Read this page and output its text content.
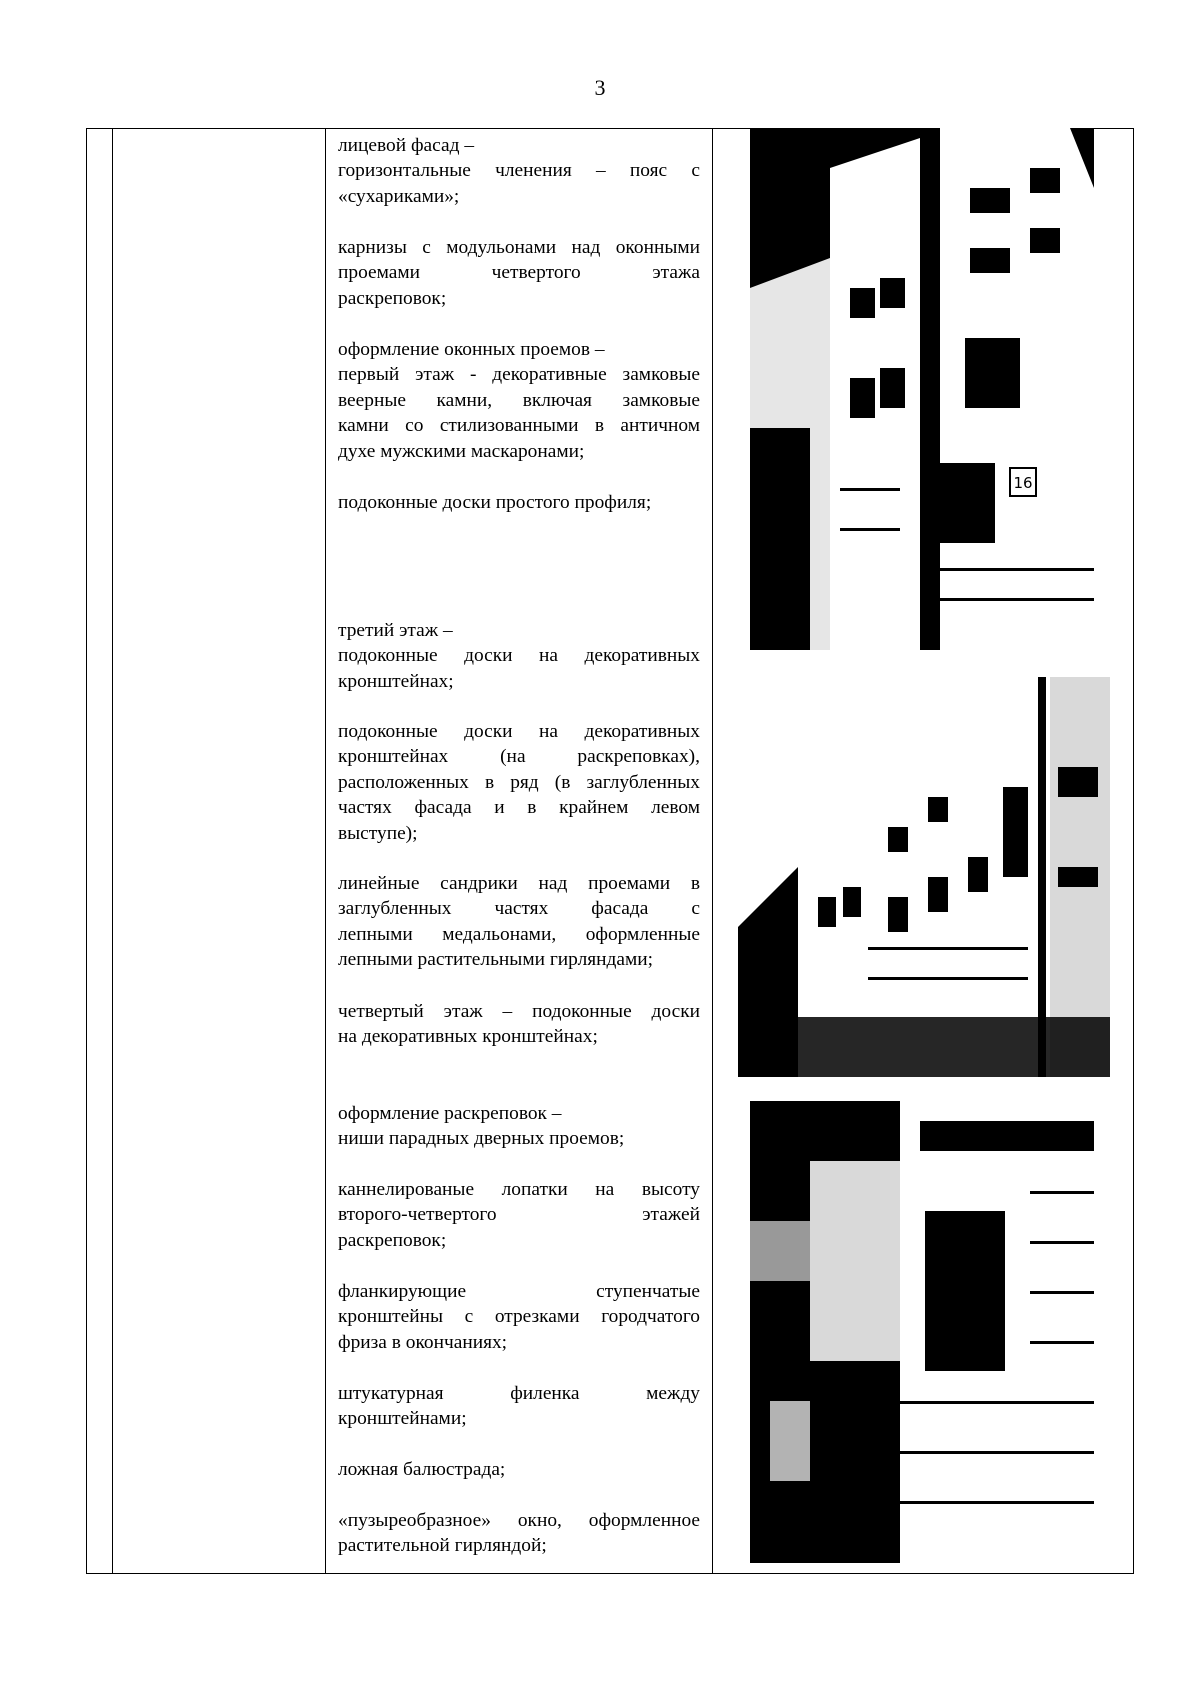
3

лицевой фасад –

горизонтальные членения – пояс с

«сухариками»;

карнизы с модульонами над оконными

проемами четвертого этажа

раскреповок;

оформление оконных проемов –

первый этаж - декоративные замковые

веерные камни, включая замковые

камни со стилизованными в античном

духе мужскими маскаронами;

подоконные доски простого профиля;

третий этаж –

подоконные доски на декоративных

кронштейнах;

подоконные доски на декоративных

кронштейнах (на раскреповках),

расположенных в ряд (в заглубленных

частях фасада и в крайнем левом

выступе);

линейные сандрики над проемами в

заглубленных частях фасада с

лепными медальонами, оформленные

лепными растительными гирляндами;

четвертый этаж – подоконные доски

на декоративных кронштейнах;

оформление раскреповок –

ниши парадных дверных проемов;

каннелированые лопатки на высоту

второго-четвертого этажей

раскреповок;

фланкирующие ступенчатые

кронштейны с отрезками городчатого

фриза в окончаниях;

штукатурная филенка между

кронштейнами;

ложная балюстрада;

«пузыреобразное» окно, оформленное

растительной гирляндой;

16
